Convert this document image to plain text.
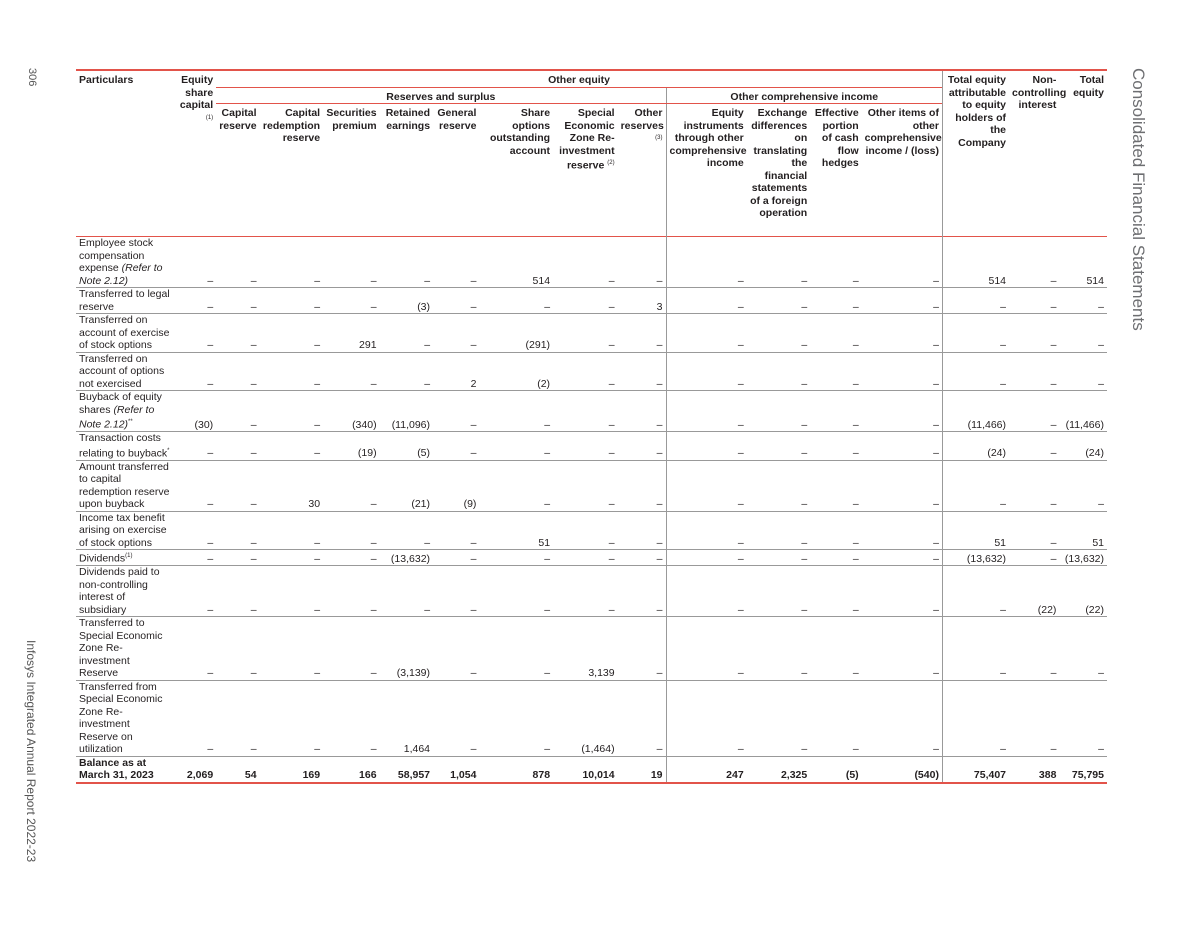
306
Infosys Integrated Annual Report 2022-23
Consolidated Financial Statements
Particulars	Equity share capital $^{(1)}$	Other equity												Total equity attributable to equity holders of the Company	Non-controlling interest	Total equity
		Reserves and surplus								Other comprehensive income						
		Capital reserve	Capital redemption reserve	Securities premium	Retained earnings	General reserve	Share options outstanding account	Special Economic Zone Re-investment reserve $^{(2)}$	Other reserves $^{(3)}$	Equity instruments through other comprehensive income	Exchange differences on translating the financial statements of a foreign operation	Effective portion of cash flow hedges	Other items of other comprehensive income / (loss)			
Employee stock compensation expense (Refer to Note 2.12)	–	–	–	–	–	–	514	–	–	–	–	–	–	514	–	514
Transferred to legal reserve	–	–	–	–	(3)	–	–	–	3	–	–	–	–	–	–	–
Transferred on account of exercise of stock options	–	–	–	291	–	–	(291)	–	–	–	–	–	–	–	–	–
Transferred on account of options not exercised	–	–	–	–	–	2	(2)	–	–	–	–	–	–	–	–	–
Buyback of equity shares (Refer to Note 2.12)**	(30)	–	–	(340)	(11,096)	–	–	–	–	–	–	–	–	(11,466)	–	(11,466)
Transaction costs relating to buyback*	–	–	–	(19)	(5)	–	–	–	–	–	–	–	–	(24)	–	(24)
Amount transferred to capital redemption reserve upon buyback	–	–	30	–	(21)	(9)	–	–	–	–	–	–	–	–	–	–
Income tax benefit arising on exercise of stock options	–	–	–	–	–	–	51	–	–	–	–	–	–	51	–	51
Dividends$^{(1)}$	–	–	–	–	(13,632)	–	–	–	–	–	–	–	–	(13,632)	–	(13,632)
Dividends paid to non-controlling interest of subsidiary	–	–	–	–	–	–	–	–	–	–	–	–	–	–	(22)	(22)
Transferred to Special Economic Zone Re-investment Reserve	–	–	–	–	(3,139)	–	–	3,139	–	–	–	–	–	–	–	–
Transferred from Special Economic Zone Re-investment Reserve on utilization	–	–	–	–	1,464	–	–	(1,464)	–	–	–	–	–	–	–	–
Balance as at March 31, 2023	2,069	54	169	166	58,957	1,054	878	10,014	19	247	2,325	(5)	(540)	75,407	388	75,795
